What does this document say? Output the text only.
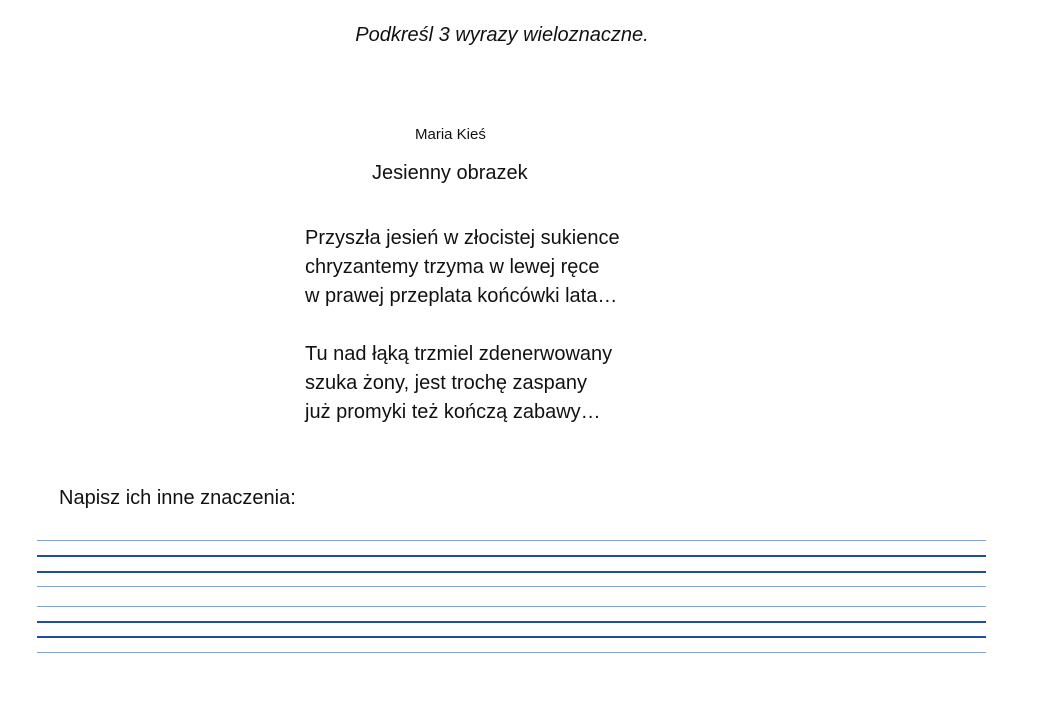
Podkreśl 3 wyrazy wieloznaczne.
Maria Kieś
Jesienny obrazek
Przyszła jesień w złocistej sukience
chryzantemy trzyma w lewej ręce
w prawej przeplata końcówki lata…
Tu nad łąką trzmiel zdenerwowany
szuka żony, jest trochę zaspany
już promyki też kończą zabawy…
Napisz ich inne znaczenia:
